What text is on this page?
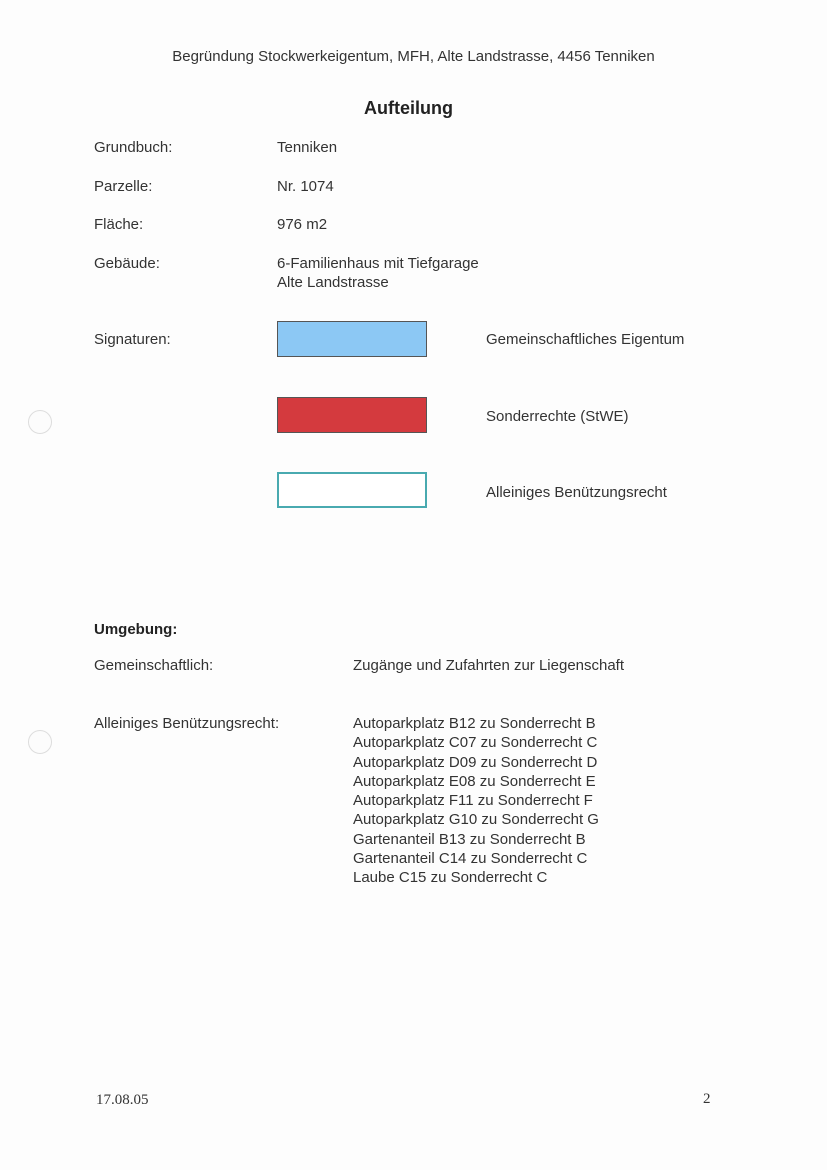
Begründung Stockwerkeigentum, MFH, Alte Landstrasse, 4456 Tenniken
Aufteilung
Grundbuch:	Tenniken
Parzelle:	Nr. 1074
Fläche:	976 m2
Gebäude:	6-Familienhaus mit Tiefgarage
Alte Landstrasse
Signaturen:	Gemeinschaftliches Eigentum
Sonderrechte (StWE)
Alleiniges Benützungsrecht
Umgebung:
Gemeinschaftlich:	Zugänge und Zufahrten zur Liegenschaft
Alleiniges Benützungsrecht:	Autoparkplatz B12 zu Sonderrecht B
Autoparkplatz C07 zu Sonderrecht C
Autoparkplatz D09 zu Sonderrecht D
Autoparkplatz E08 zu Sonderrecht E
Autoparkplatz F11 zu Sonderrecht F
Autoparkplatz G10 zu Sonderrecht G
Gartenanteil B13 zu Sonderrecht B
Gartenanteil C14 zu Sonderrecht C
Laube C15 zu Sonderrecht C
17.08.05	2
